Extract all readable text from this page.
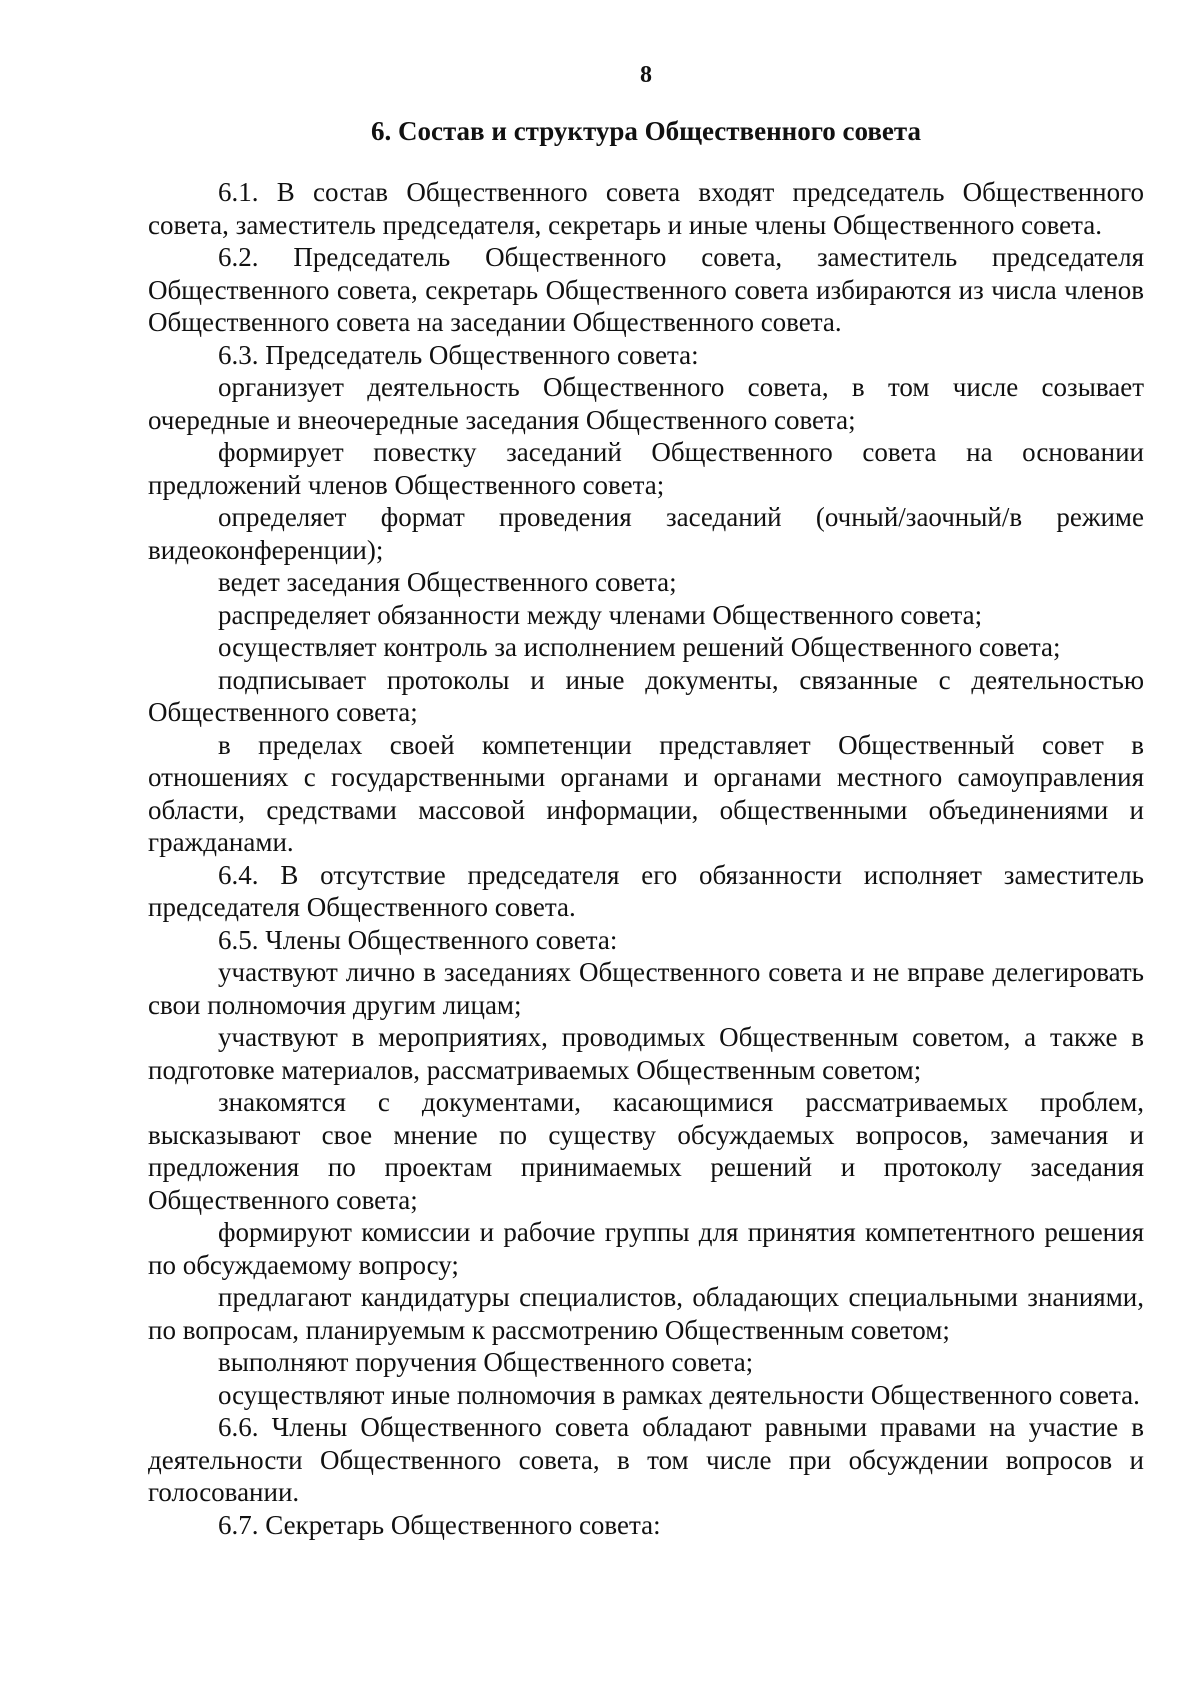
8
6. Состав и структура Общественного совета

6.1. В состав Общественного совета входят председатель Общественного совета, заместитель председателя, секретарь и иные члены Общественного совета.

6.2. Председатель Общественного совета, заместитель председателя Общественного совета, секретарь Общественного совета избираются из числа членов Общественного совета на заседании Общественного совета.

6.3. Председатель Общественного совета:

организует деятельность Общественного совета, в том числе созывает очередные и внеочередные заседания Общественного совета;

формирует повестку заседаний Общественного совета на основании предложений членов Общественного совета;

определяет формат проведения заседаний (очный/заочный/в режиме видеоконференции);

ведет заседания Общественного совета;

распределяет обязанности между членами Общественного совета;

осуществляет контроль за исполнением решений Общественного совета;

подписывает протоколы и иные документы, связанные с деятельностью Общественного совета;

в пределах своей компетенции представляет Общественный совет в отношениях с государственными органами и органами местного самоуправления области, средствами массовой информации, общественными объединениями и гражданами.

6.4. В отсутствие председателя его обязанности исполняет заместитель председателя Общественного совета.

6.5. Члены Общественного совета:

участвуют лично в заседаниях Общественного совета и не вправе делегировать свои полномочия другим лицам;

участвуют в мероприятиях, проводимых Общественным советом, а также в подготовке материалов, рассматриваемых Общественным советом;

знакомятся с документами, касающимися рассматриваемых проблем, высказывают свое мнение по существу обсуждаемых вопросов, замечания и предложения по проектам принимаемых решений и протоколу заседания Общественного совета;

формируют комиссии и рабочие группы для принятия компетентного решения по обсуждаемому вопросу;

предлагают кандидатуры специалистов, обладающих специальными знаниями, по вопросам, планируемым к рассмотрению Общественным советом;

выполняют поручения Общественного совета;

осуществляют иные полномочия в рамках деятельности Общественного совета.

6.6. Члены Общественного совета обладают равными правами на участие в деятельности Общественного совета, в том числе при обсуждении вопросов и голосовании.

6.7. Секретарь Общественного совета:
